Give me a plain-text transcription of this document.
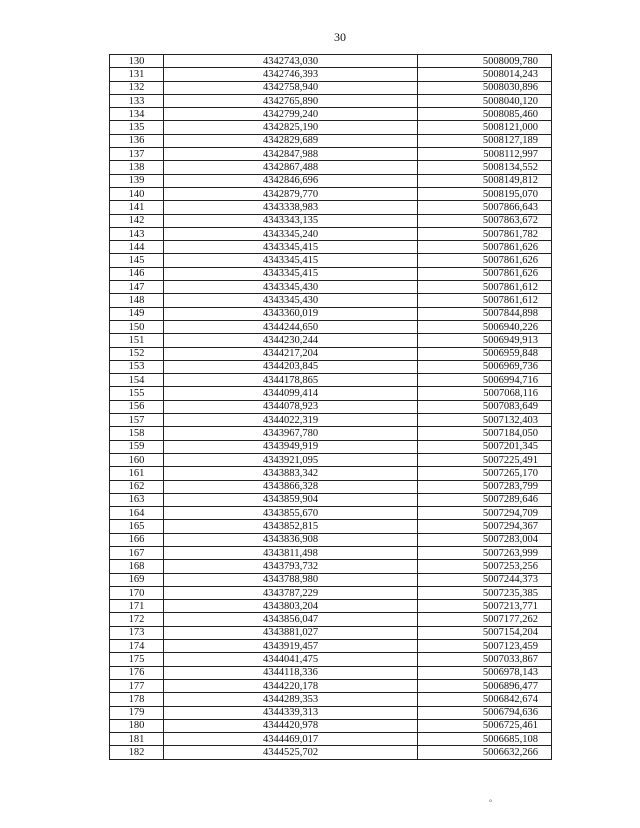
30
130	4342743,030	5008009,780
131	4342746,393	5008014,243
132	4342758,940	5008030,896
133	4342765,890	5008040,120
134	4342799,240	5008085,460
135	4342825,190	5008121,000
136	4342829,689	5008127,189
137	4342847,988	5008112,997
138	4342867,488	5008134,552
139	4342846,696	5008149,812
140	4342879,770	5008195,070
141	4343338,983	5007866,643
142	4343343,135	5007863,672
143	4343345,240	5007861,782
144	4343345,415	5007861,626
145	4343345,415	5007861,626
146	4343345,415	5007861,626
147	4343345,430	5007861,612
148	4343345,430	5007861,612
149	4343360,019	5007844,898
150	4344244,650	5006940,226
151	4344230,244	5006949,913
152	4344217,204	5006959,848
153	4344203,845	5006969,736
154	4344178,865	5006994,716
155	4344099,414	5007068,116
156	4344078,923	5007083,649
157	4344022,319	5007132,403
158	4343967,780	5007184,050
159	4343949,919	5007201,345
160	4343921,095	5007225,491
161	4343883,342	5007265,170
162	4343866,328	5007283,799
163	4343859,904	5007289,646
164	4343855,670	5007294,709
165	4343852,815	5007294,367
166	4343836,908	5007283,004
167	4343811,498	5007263,999
168	4343793,732	5007253,256
169	4343788,980	5007244,373
170	4343787,229	5007235,385
171	4343803,204	5007213,771
172	4343856,047	5007177,262
173	4343881,027	5007154,204
174	4343919,457	5007123,459
175	4344041,475	5007033,867
176	4344118,336	5006978,143
177	4344220,178	5006896,477
178	4344289,353	5006842,674
179	4344339,313	5006794,636
180	4344420,978	5006725,461
181	4344469,017	5006685,108
182	4344525,702	5006632,266
°
